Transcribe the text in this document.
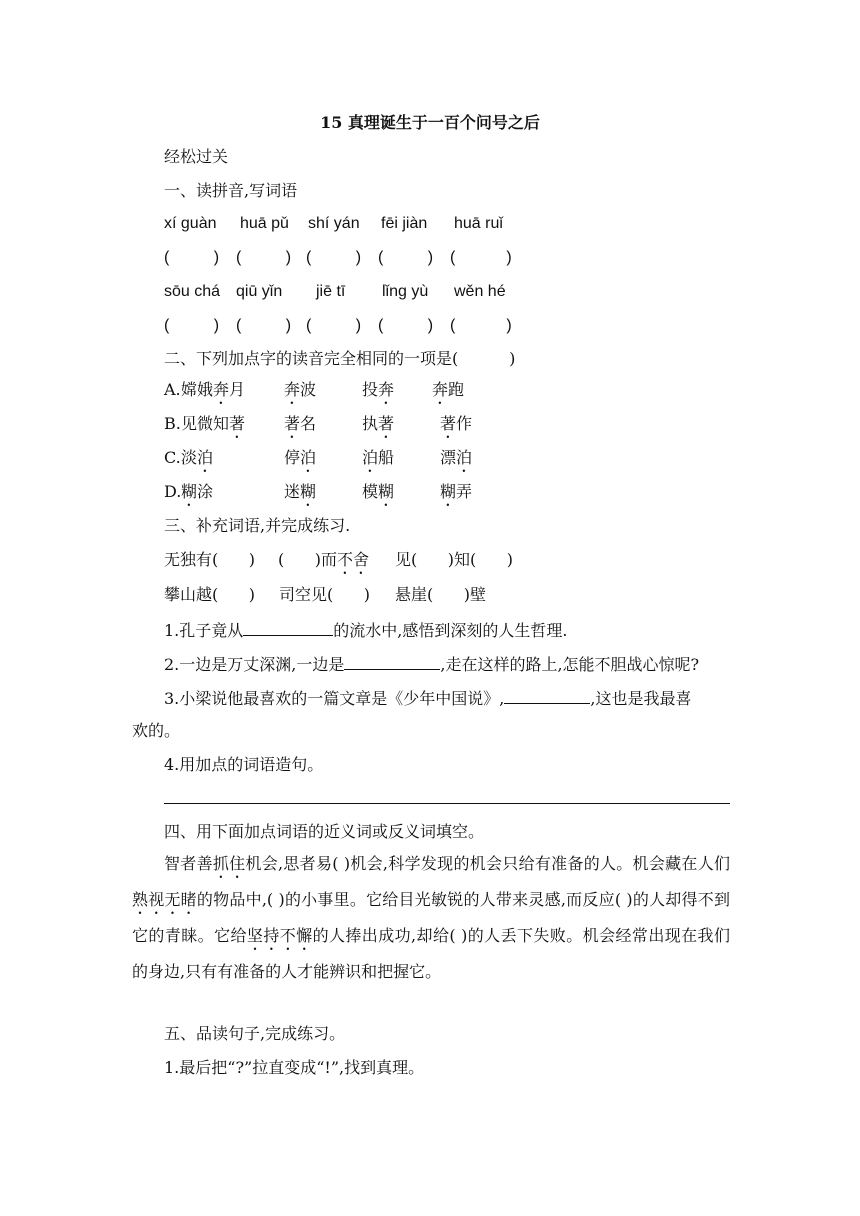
15 真理诞生于一百个问号之后
经松过关
一、读拼音,写词语
xí guàn huā pǔ shí yán fēi jiàn huā ruǐ
(          ) (          ) (          ) (          ) (          )
sōu chá qiū yǐn jiē tī lǐng yù wěn hé
(          ) (          ) (          ) (          ) (          )
二、下列加点字的读音完全相同的一项是(          )
A. 嫦娥奔月 奔波	投奔 奔跑
B. 见微知著 著名	执著	著作
C. 淡泊	停泊	泊船	漂泊
D. 糊涂	迷糊	模糊	糊弄
三、补充词语,并完成练习.
无独有(      ) (      )而不舍 见(      )知(      )
攀山越(      ) 司空见(      ) 悬崖(      )壁
1.孔子竟从	的流水中,感悟到深刻的人生哲理.
2.一边是万丈深渊,一边是	,走在这样的路上,怎能不胆战心惊呢?
3.小梁说他最喜欢的一篇文章是《少年中国说》,	,这也是我最喜
欢的。
4.用加点的词语造句。
四、用下面加点词语的近义词或反义词填空。
智者善抓住机会,思者易( )机会,科学发现的机会只给有准备的人。机会藏在人们熟视无睹的物品中,( )的小事里。它给目光敏锐的人带来灵感,而反应( )的人却得不到它的青睐。它给坚持不懈的人捧出成功,却给( )的人丢下失败。机会经常出现在我们的身边,只有有准备的人才能辨识和把握它。
五、品读句子,完成练习。
1.最后把“?”拉直变成“!”,找到真理。
